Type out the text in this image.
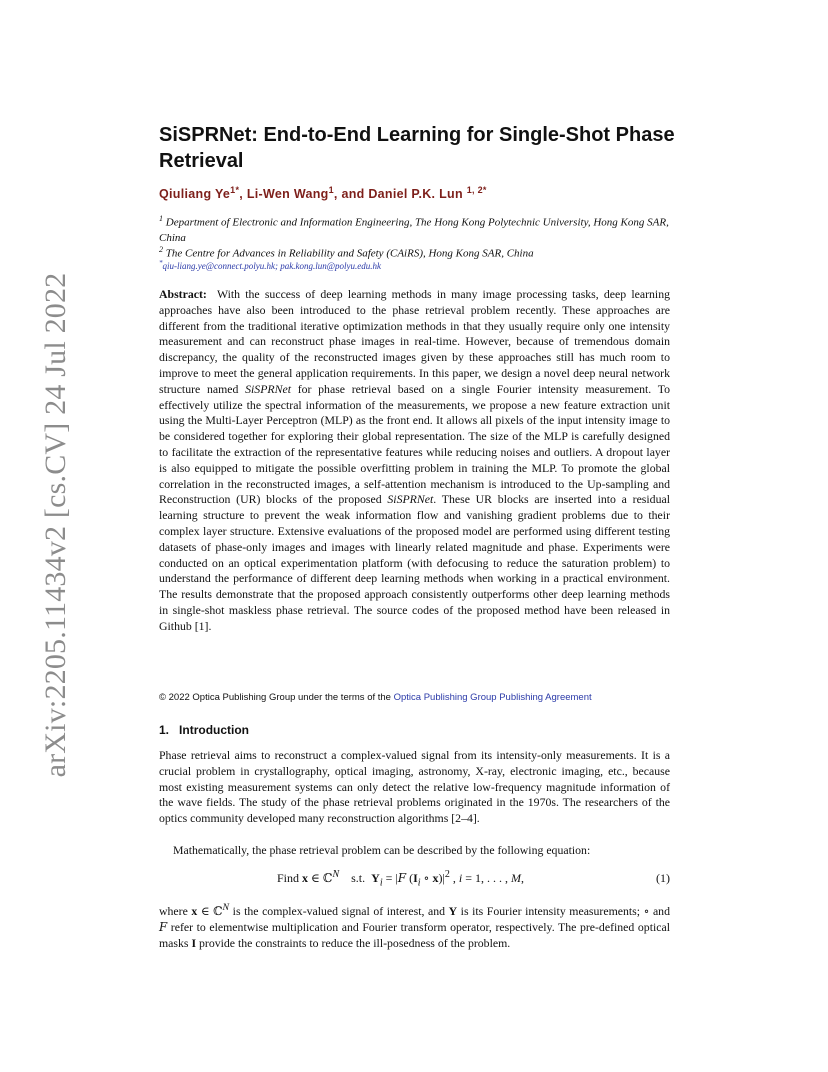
arXiv:2205.11434v2 [cs.CV] 24 Jul 2022
SiSPRNet: End-to-End Learning for Single-Shot Phase Retrieval
Qiuliang $Ye^{1*}$, Li-Wen Wang$^1$, and Daniel P.K. Lun $^{1, 2*}$
$^1$ Department of Electronic and Information Engineering, The Hong Kong Polytechnic University, Hong Kong SAR, China
$^2$ The Centre for Advances in Reliability and Safety (CAiRS), Hong Kong SAR, China
*qiu-liang.ye@connect.polyu.hk; pak.kong.lun@polyu.edu.hk
Abstract: With the success of deep learning methods in many image processing tasks, deep learning approaches have also been introduced to the phase retrieval problem recently. These approaches are different from the traditional iterative optimization methods in that they usually require only one intensity measurement and can reconstruct phase images in real-time. However, because of tremendous domain discrepancy, the quality of the reconstructed images given by these approaches still has much room to improve to meet the general application requirements. In this paper, we design a novel deep neural network structure named SiSPRNet for phase retrieval based on a single Fourier intensity measurement. To effectively utilize the spectral information of the measurements, we propose a new feature extraction unit using the Multi-Layer Perceptron (MLP) as the front end. It allows all pixels of the input intensity image to be considered together for exploring their global representation. The size of the MLP is carefully designed to facilitate the extraction of the representative features while reducing noises and outliers. A dropout layer is also equipped to mitigate the possible overfitting problem in training the MLP. To promote the global correlation in the reconstructed images, a self-attention mechanism is introduced to the Up-sampling and Reconstruction (UR) blocks of the proposed SiSPRNet. These UR blocks are inserted into a residual learning structure to prevent the weak information flow and vanishing gradient problems due to their complex layer structure. Extensive evaluations of the proposed model are performed using different testing datasets of phase-only images and images with linearly related magnitude and phase. Experiments were conducted on an optical experimentation platform (with defocusing to reduce the saturation problem) to understand the performance of different deep learning methods when working in a practical environment. The results demonstrate that the proposed approach consistently outperforms other deep learning methods in single-shot maskless phase retrieval. The source codes of the proposed method have been released in Github [1].
© 2022 Optica Publishing Group under the terms of the Optica Publishing Group Publishing Agreement
1. Introduction
Phase retrieval aims to reconstruct a complex-valued signal from its intensity-only measurements. It is a crucial problem in crystallography, optical imaging, astronomy, X-ray, electronic imaging, etc., because most existing measurement systems can only detect the relative low-frequency magnitude information of the wave fields. The study of the phase retrieval problems originated in the 1970s. The researchers of the optics community developed many reconstruction algorithms [2–4].
Mathematically, the phase retrieval problem can be described by the following equation:
Find x ∈ ℂ$^N$    s.t.  $Y_i = |F$ ($I_i$ ∘ $x)|^2$ , i = 1, . . . , M,	(1)
where x ∈ ℂ$^N$ is the complex-valued signal of interest, and Y is its Fourier intensity measurements; ∘ and F refer to elementwise multiplication and Fourier transform operator, respectively. The pre-defined optical masks I provide the constraints to reduce the ill-posedness of the problem.
